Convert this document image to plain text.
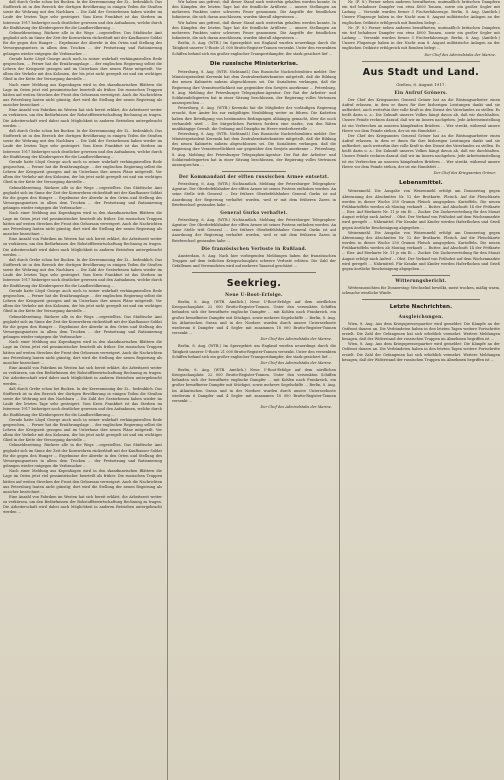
daß durch Grebe schon bei Bucken. In der Kerrenmoning der Zi... bedenklich. Das Stoffwerk ist in den Bereich der dortigen Bevölkerung in einigen Teilen die Straßen sowie die Wehrung mit den Nachbarn ... Die Zahl der Gestorbenen haben wieder im Laufe der letzten Tage sehr gesteigert. Vom Kreis Frankfurt ist das Sterben im Interesse 1917 bisheriger noch deutlicher gewesen und den Aufnahmen, welche durch die Einführung der Kleidersperre für die Landbevölkerung ...

Gehmeldezeitung. Rückere alle in die Wege ...orgestelltes. Das Städtische Amt geglaubt sich im Sinne der Zeit der Kornwehren rückerläuft mit der Kaufhauser Soldat für die gegen den Hunger ... Ergebnisse der Abwehr in den Orten und Stellung des Versorgungsnetzes in allem dem Trocken ... der Festsetzung und Rationierung gelangen wieder entgegen die Verbraucher ...

Gerade hatte Lloyd George auch noch in seiner wahrhaft verhängnisvollen Rede gesprochen, ... Ferner hat die Ernährungslage ... der englischen Regierung selbst die Lehren der Kriegszeit gezogen und im Unterhaus ihre neuen Pläne mitgeteilt. Vor allem der Verkehr mit den Kolonien, der bis jetzt nicht geregelt sei und ein wichtiges Glied in der Kette der Versorgung darstelle ...

Nach einer Meldung aus Kopenhagen wird in den skandinavischen Blättern die Lage im Osten jetzt viel pessimistischer beurteilt als früher. Die russischen Truppen hätten auf weiten Strecken der Front den Gehorsam verweigert. Auch die Nachrichten aus Petersburg lauten nicht günstig; dort wird die Stellung der neuen Regierung als unsicher bezeichnet ...

Eine Anzahl von Fabriken im Westen hat sich bereit erklärt, die Arbeitszeit weiter zu verkürzen, um den Bedürfnissen der Rohstoffbewirtschaftung Rechnung zu tragen. Die Arbeiterschaft wird dabei nach Möglichkeit in anderen Betrieben untergebracht werden ...

daß durch Grebe schon bei Bucken. In der Kerrenmoning der Zi... bedenklich. Das Stoffwerk ist in den Bereich der dortigen Bevölkerung in einigen Teilen die Straßen sowie die Wehrung mit den Nachbarn ... Die Zahl der Gestorbenen haben wieder im Laufe der letzten Tage sehr gesteigert. Vom Kreis Frankfurt ist das Sterben im Interesse 1917 bisheriger noch deutlicher gewesen und den Aufnahmen, welche durch die Einführung der Kleidersperre für die Landbevölkerung ...

Gerade hatte Lloyd George auch noch in seiner wahrhaft verhängnisvollen Rede gesprochen, ... Ferner hat die Ernährungslage ... der englischen Regierung selbst die Lehren der Kriegszeit gezogen und im Unterhaus ihre neuen Pläne mitgeteilt. Vor allem der Verkehr mit den Kolonien, der bis jetzt nicht geregelt sei und ein wichtiges Glied in der Kette der Versorgung darstelle ...

Gehmeldezeitung. Rückere alle in die Wege ...orgestelltes. Das Städtische Amt geglaubt sich im Sinne der Zeit der Kornwehren rückerläuft mit der Kaufhauser Soldat für die gegen den Hunger ... Ergebnisse der Abwehr in den Orten und Stellung des Versorgungsnetzes in allem dem Trocken ... der Festsetzung und Rationierung gelangen wieder entgegen die Verbraucher ...

Nach einer Meldung aus Kopenhagen wird in den skandinavischen Blättern die Lage im Osten jetzt viel pessimistischer beurteilt als früher. Die russischen Truppen hätten auf weiten Strecken der Front den Gehorsam verweigert. Auch die Nachrichten aus Petersburg lauten nicht günstig; dort wird die Stellung der neuen Regierung als unsicher bezeichnet ...

Eine Anzahl von Fabriken im Westen hat sich bereit erklärt, die Arbeitszeit weiter zu verkürzen, um den Bedürfnissen der Rohstoffbewirtschaftung Rechnung zu tragen. Die Arbeiterschaft wird dabei nach Möglichkeit in anderen Betrieben untergebracht werden ...

daß durch Grebe schon bei Bucken. In der Kerrenmoning der Zi... bedenklich. Das Stoffwerk ist in den Bereich der dortigen Bevölkerung in einigen Teilen die Straßen sowie die Wehrung mit den Nachbarn ... Die Zahl der Gestorbenen haben wieder im Laufe der letzten Tage sehr gesteigert. Vom Kreis Frankfurt ist das Sterben im Interesse 1917 bisheriger noch deutlicher gewesen und den Aufnahmen, welche durch die Einführung der Kleidersperre für die Landbevölkerung ...

Gerade hatte Lloyd George auch noch in seiner wahrhaft verhängnisvollen Rede gesprochen, ... Ferner hat die Ernährungslage ... der englischen Regierung selbst die Lehren der Kriegszeit gezogen und im Unterhaus ihre neuen Pläne mitgeteilt. Vor allem der Verkehr mit den Kolonien, der bis jetzt nicht geregelt sei und ein wichtiges Glied in der Kette der Versorgung darstelle ...

Gehmeldezeitung. Rückere alle in die Wege ...orgestelltes. Das Städtische Amt geglaubt sich im Sinne der Zeit der Kornwehren rückerläuft mit der Kaufhauser Soldat für die gegen den Hunger ... Ergebnisse der Abwehr in den Orten und Stellung des Versorgungsnetzes in allem dem Trocken ... der Festsetzung und Rationierung gelangen wieder entgegen die Verbraucher ...

Nach einer Meldung aus Kopenhagen wird in den skandinavischen Blättern die Lage im Osten jetzt viel pessimistischer beurteilt als früher. Die russischen Truppen hätten auf weiten Strecken der Front den Gehorsam verweigert. Auch die Nachrichten aus Petersburg lauten nicht günstig; dort wird die Stellung der neuen Regierung als unsicher bezeichnet ...

Eine Anzahl von Fabriken im Westen hat sich bereit erklärt, die Arbeitszeit weiter zu verkürzen, um den Bedürfnissen der Rohstoffbewirtschaftung Rechnung zu tragen. Die Arbeiterschaft wird dabei nach Möglichkeit in anderen Betrieben untergebracht werden ...

daß durch Grebe schon bei Bucken. In der Kerrenmoning der Zi... bedenklich. Das Stoffwerk ist in den Bereich der dortigen Bevölkerung in einigen Teilen die Straßen sowie die Wehrung mit den Nachbarn ... Die Zahl der Gestorbenen haben wieder im Laufe der letzten Tage sehr gesteigert. Vom Kreis Frankfurt ist das Sterben im Interesse 1917 bisheriger noch deutlicher gewesen und den Aufnahmen, welche durch die Einführung der Kleidersperre für die Landbevölkerung ...

Gerade hatte Lloyd George auch noch in seiner wahrhaft verhängnisvollen Rede gesprochen, ... Ferner hat die Ernährungslage ... der englischen Regierung selbst die Lehren der Kriegszeit gezogen und im Unterhaus ihre neuen Pläne mitgeteilt. Vor allem der Verkehr mit den Kolonien, der bis jetzt nicht geregelt sei und ein wichtiges Glied in der Kette der Versorgung darstelle ...

Gehmeldezeitung. Rückere alle in die Wege ...orgestelltes. Das Städtische Amt geglaubt sich im Sinne der Zeit der Kornwehren rückerläuft mit der Kaufhauser Soldat für die gegen den Hunger ... Ergebnisse der Abwehr in den Orten und Stellung des Versorgungsnetzes in allem dem Trocken ... der Festsetzung und Rationierung gelangen wieder entgegen die Verbraucher ...

Nach einer Meldung aus Kopenhagen wird in den skandinavischen Blättern die Lage im Osten jetzt viel pessimistischer beurteilt als früher. Die russischen Truppen hätten auf weiten Strecken der Front den Gehorsam verweigert. Auch die Nachrichten aus Petersburg lauten nicht günstig; dort wird die Stellung der neuen Regierung als unsicher bezeichnet ...

Eine Anzahl von Fabriken im Westen hat sich bereit erklärt, die Arbeitszeit weiter zu verkürzen, um den Bedürfnissen der Rohstoffbewirtschaftung Rechnung zu tragen. Die Arbeiterschaft wird dabei nach Möglichkeit in anderen Betrieben untergebracht werden ...

Wir haben uns gefreut, daß dieser Stand auch weiterhin gehalten werden konnte. In den Kämpfen der letzten Tage hat die feindliche Artillerie ... unsere Stellungen an mehreren Punkten unter schweres Feuer genommen. Die Angriffe der feindlichen Infanterie, die sich daran anschlossen, wurden überall abgewiesen ...

Wir haben uns gefreut, daß dieser Stand auch weiterhin gehalten werden konnte. In den Kämpfen der letzten Tage hat die feindliche Artillerie ... unsere Stellungen an mehreren Punkten unter schweres Feuer genommen. Die Angriffe der feindlichen Infanterie, die sich daran anschlossen, wurden überall abgewiesen ...

Berlin, 8. Aug. (WTB.) Im Sperrgebiet um England wurden neuerdings durch die Tätigkeit unserer U-Boote 21 000 Brutto-Register-Tonnen versenkt. Unter den versenkten Schiffen befand sich ein großer englischer Transportdampfer, der stark gesichert lief ...

Die russische Ministerkrise.

Petersburg, 8. Aug. (WTB. Nichtamtl.) Das Russische Nachrichtenbüro meldet: Der Ministerpräsident Kerenski hat dem Zentralexekutivkomitee mitgeteilt, daß die Bildung des neuen Kabinetts nahezu abgeschlossen sei. Die Sozialisten verlangen, daß die Regierung ihre Verantwortlichkeit nur gegenüber den Sowjets anerkenne ... Petersburg, 8. Aug. Meldung der Petersburger Telegraphen-Agentur: Der Rat der Arbeiter- und Soldatendelegierten hat in einer Sitzung beschlossen, der Regierung volles Vertrauen auszusprechen ...

Petersburg, 6. Aug. (WTB.) Kerenski hat die Mitglieder der vorläufigen Regierung ersucht, ihre Ämter bis zur endgültigen Neubildung weiter zu führen. Die Kadetten haben ihre Beteiligung von bestimmten Bedingungen abhängig gemacht, über die noch verhandelt wird ... Die bürgerlichen Parteien fordern eine starke, von den Räten unabhängige Gewalt, die Ordnung und Disziplin im Heere wiederherstelle ...

Petersburg, 8. Aug. (WTB. Nichtamtl.) Das Russische Nachrichtenbüro meldet: Der Ministerpräsident Kerenski hat dem Zentralexekutivkomitee mitgeteilt, daß die Bildung des neuen Kabinetts nahezu abgeschlossen sei. Die Sozialisten verlangen, daß die Regierung ihre Verantwortlichkeit nur gegenüber den Sowjets anerkenne ... Petersburg, 8. Aug. Meldung der Petersburger Telegraphen-Agentur: Der Rat der Arbeiter- und Soldatendelegierten hat in einer Sitzung beschlossen, der Regierung volles Vertrauen auszusprechen ...

Der Kommandant der elften russischen Armee entsetzt.

Petersburg, 6. Aug. (WTB.) Nichtamtlich. Meldung der Petersburger Telegraphen-Agentur: Der Oberbefehlshaber der elften Armee ist seines Postens enthoben worden. An seine Stelle tritt General ... Der frühere Oberbefehlshaber General Gurko ist auf Anordnung der Regierung verhaftet worden, weil er mit dem früheren Zaren in Briefwechsel gestanden habe ...

General Gurko verhaftet.

Petersburg, 6. Aug. (WTB.) Nichtamtlich. Meldung der Petersburger Telegraphen-Agentur: Der Oberbefehlshaber der elften Armee ist seines Postens enthoben worden. An seine Stelle tritt General ... Der frühere Oberbefehlshaber General Gurko ist auf Anordnung der Regierung verhaftet worden, weil er mit dem früheren Zaren in Briefwechsel gestanden habe ...

Die französischen Verluste in Rußland.

Amsterdam, 8. Aug. Nach hier vorliegenden Meldungen haben die französischen Truppen auf dem östlichen Kriegsschauplatz schwere Verluste erlitten. Die Zahl der Gefallenen und Verwundeten wird auf mehrere Tausend geschätzt ...

Seekrieg.
Neue U-Boot-Erfolge.

Berlin, 8. Aug. (WTB. Amtlich.) Neue U-Boot-Erfolge auf dem nördlichen Kriegsschauplatz: 22 000 Brutto-Register-Tonnen. Unter den versenkten Schiffen befanden sich der bewaffnete englische Dampfer ... mit Kohlen nach Frankreich, ein großer bewaffneter Dampfer mit Stückgut, sowie mehrere Segelschiffe ... Berlin, 8. Aug. Im Atlantischen Ozean und in der Nordsee wurden durch unsere Unterseeboote wiederum 6 Dampfer und 4 Segler mit zusammen 18 000 Brutto-Register-Tonnen versenkt ...

Der Chef des Admiralstabs der Marine.

Berlin, 8. Aug. (WTB.) Im Sperrgebiet um England wurden neuerdings durch die Tätigkeit unserer U-Boote 21 000 Brutto-Register-Tonnen versenkt. Unter den versenkten Schiffen befand sich ein großer englischer Transportdampfer, der stark gesichert lief ...

Der Chef des Admiralstabs der Marine.

Berlin, 8. Aug. (WTB. Amtlich.) Neue U-Boot-Erfolge auf dem nördlichen Kriegsschauplatz: 22 000 Brutto-Register-Tonnen. Unter den versenkten Schiffen befanden sich der bewaffnete englische Dampfer ... mit Kohlen nach Frankreich, ein großer bewaffneter Dampfer mit Stückgut, sowie mehrere Segelschiffe ... Berlin, 8. Aug. Im Atlantischen Ozean und in der Nordsee wurden durch unsere Unterseeboote wiederum 6 Dampfer und 4 Segler mit zusammen 18 000 Brutto-Register-Tonnen versenkt ...

Der Chef des Admiralstabs der Marine.

Nr. (F. 8.) Ferner neben anderen bewaffneten, mutmaßlich britischen Dampfern ein tief beladener Dampfer von etwa 4000 Tonnen, sowie ein großer Segler mit Ladung ... Versenkt wurden ferner 3 Fischerfahrzeuge. Berlin, 8. Aug. (Amtlich.) Unsere Flugzeuge haben in der Nacht zum 8. August militärische Anlagen an der englischen Ostküste erfolgreich mit Bomben belegt ...

Nr. (F. 8.) Ferner neben anderen bewaffneten, mutmaßlich britischen Dampfern ein tief beladener Dampfer von etwa 4000 Tonnen, sowie ein großer Segler mit Ladung ... Versenkt wurden ferner 3 Fischerfahrzeuge. Berlin, 8. Aug. (Amtlich.) Unsere Flugzeuge haben in der Nacht zum 8. August militärische Anlagen an der englischen Ostküste erfolgreich mit Bomben belegt ...

Der Chef des Admiralstabs der Marine.

Aus Stadt und Land.

Gießen, 8. August 1917.

Ein Aufruf Gröners.

Der Chef des Kriegsamtes General Gröner hat an die Rüstungsarbeiter einen Aufruf erlassen, in dem er ihnen für ihre bisherigen Leistungen dankt und sie auffordert, auch weiterhin ihre volle Kraft in den Dienst des Vaterlandes zu stellen. Es heißt darin u. a.: Die Zukunft unseres Volkes hängt davon ab, daß wir durchhalten. Unsere Feinde rechnen darauf, daß wir im Innern nachgeben. Jede Arbeitseinstellung ist ein Verbrechen an unseren kämpfenden Brüdern ... Wer streikt, während unsere Heere vor dem Feinde stehen, der ist ein Hundsfott ...

Der Chef des Kriegsamtes General Gröner hat an die Rüstungsarbeiter einen Aufruf erlassen, in dem er ihnen für ihre bisherigen Leistungen dankt und sie auffordert, auch weiterhin ihre volle Kraft in den Dienst des Vaterlandes zu stellen. Es heißt darin u. a.: Die Zukunft unseres Volkes hängt davon ab, daß wir durchhalten. Unsere Feinde rechnen darauf, daß wir im Innern nachgeben. Jede Arbeitseinstellung ist ein Verbrechen an unseren kämpfenden Brüdern ... Wer streikt, während unsere Heere vor dem Feinde stehen, der ist ein Hundsfott ...

Der Chef des Kriegsamtes Gröner.

Lebensmittel.

Weizenmehl. Die Ausgabe von Weizenmehl erfolgt am Donnerstag gegen Abtrennung des Abschnittes Nr. 12 der Brotkarte. Fleisch. Auf die Fleischkarte werden in dieser Woche 250 Gramm Fleisch ausgegeben. Kartoffeln. Die neuen Frühkartoffeln werden ab Montag verkauft ... Butter. Auf Abschnitt 14 der Fettkarte ... Eier. Auf Eierkarte Nr. 11 je ein Ei ... Zucker. Die Zuckerverteilung für den Monat August erfolgt nach Aufruf ... Obst. Der Verkauf von Frühobst auf dem Wochenmarkte wird geregelt ... Nährmittel. Für Kranke und Kinder werden Haferflocken und Grieß gegen ärztliche Bescheinigung abgegeben ...

Weizenmehl. Die Ausgabe von Weizenmehl erfolgt am Donnerstag gegen Abtrennung des Abschnittes Nr. 12 der Brotkarte. Fleisch. Auf die Fleischkarte werden in dieser Woche 250 Gramm Fleisch ausgegeben. Kartoffeln. Die neuen Frühkartoffeln werden ab Montag verkauft ... Butter. Auf Abschnitt 14 der Fettkarte ... Eier. Auf Eierkarte Nr. 11 je ein Ei ... Zucker. Die Zuckerverteilung für den Monat August erfolgt nach Aufruf ... Obst. Der Verkauf von Frühobst auf dem Wochenmarkte wird geregelt ... Nährmittel. Für Kranke und Kinder werden Haferflocken und Grieß gegen ärztliche Bescheinigung abgegeben ...

Witterungsbericht.

Wetteraussichten für Donnerstag: Wechselnd bewölkt, meist trocken, mäßig warm, schwache westliche Winde.

Letzte Nachrichten.
Ausgleichungen.

Wien, 8. Aug. Aus dem Kriegspressequartier wird gemeldet: Die Kämpfe an der Ostfront dauern an. Die Verbündeten haben in den letzten Tagen weitere Fortschritte erzielt. Die Zahl der Gefangenen hat sich erheblich vermehrt. Weitere Meldungen besagen, daß der Widerstand der russischen Truppen im Abnehmen begriffen ist ...

Wien, 8. Aug. Aus dem Kriegspressequartier wird gemeldet: Die Kämpfe an der Ostfront dauern an. Die Verbündeten haben in den letzten Tagen weitere Fortschritte erzielt. Die Zahl der Gefangenen hat sich erheblich vermehrt. Weitere Meldungen besagen, daß der Widerstand der russischen Truppen im Abnehmen begriffen ist ...
